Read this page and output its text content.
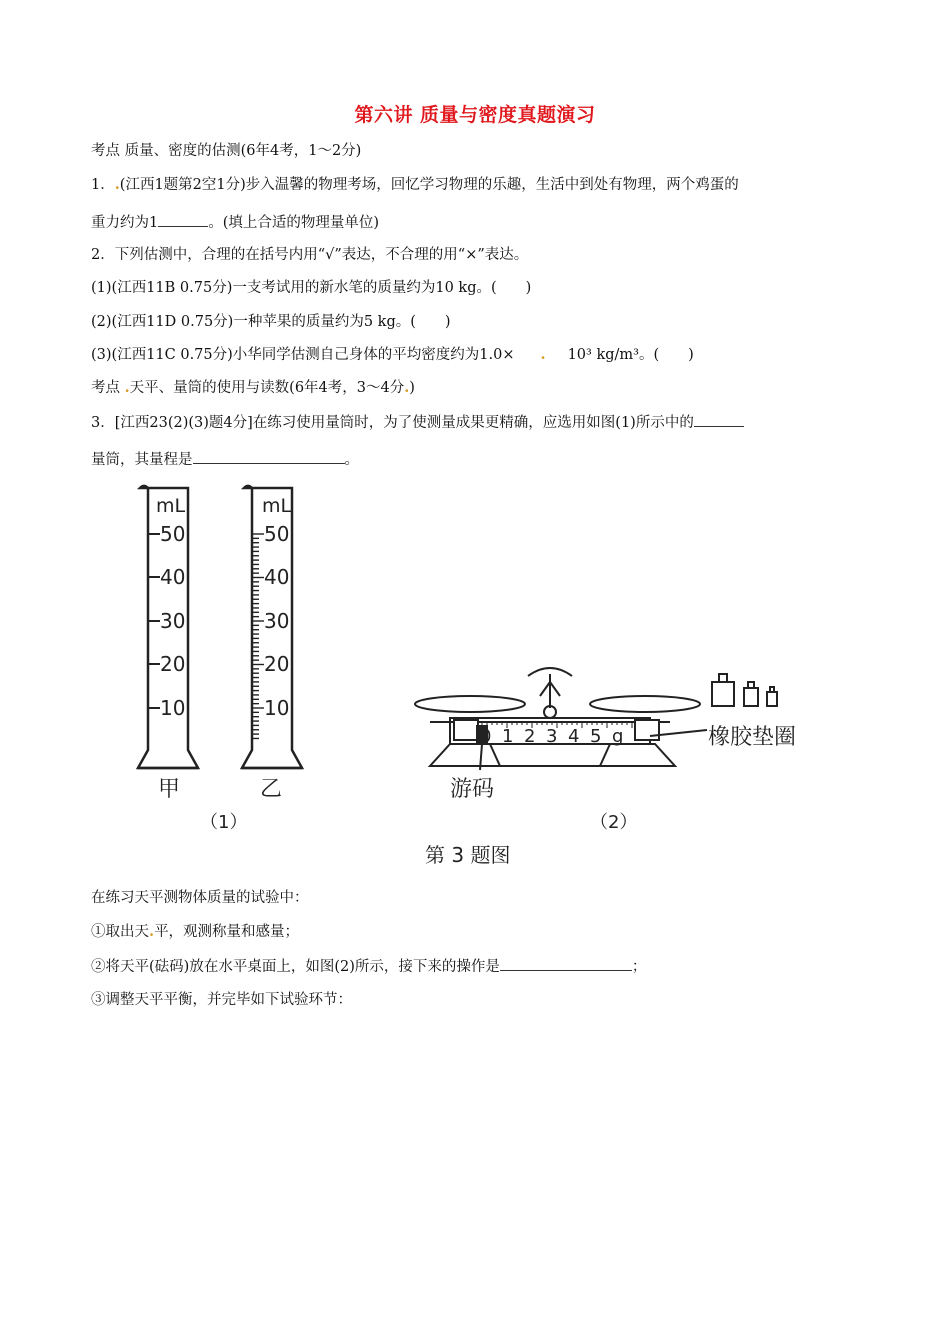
第六讲 质量与密度真题演习
考点 质量、密度的估测(6年4考，1～2分)
1．.(江西1题第2空1分)步入温馨的物理考场，回忆学习物理的乐趣，生活中到处有物理，两个鸡蛋的
重力约为1	。(填上合适的物理量单位)
2．下列估测中，合理的在括号内用“√”表达，不合理的用“×”表达。
(1)(江西11B 0.75分)一支考试用的新水笔的质量约为10 kg。(　　)
(2)(江西11D 0.75分)一种苹果的质量约为5 kg。(　　)
(3)(江西11C 0.75分)小华同学估测自己身体的平均密度约为1.0× . 10³ kg/m³。(　　)
考点 .天平、量筒的使用与读数(6年4考，3～4分.)
3．[江西23(2)(3)题4分]在练习使用量筒时，为了使测量成果更精确，应选用如图(1)所示中的
量筒，其量程是	。
mL
50
40
30
20
10
甲
mL
50
40
30
20
10
乙
0 1 2 3 4 5 g	橡胶垫圈
游码
（1）	（2）
第 3 题图
在练习天平测物体质量的试验中：
①取出天.平，观测称量和感量；
②将天平(砝码)放在水平桌面上，如图(2)所示，接下来的操作是	；
③调整天平平衡，并完毕如下试验环节：
